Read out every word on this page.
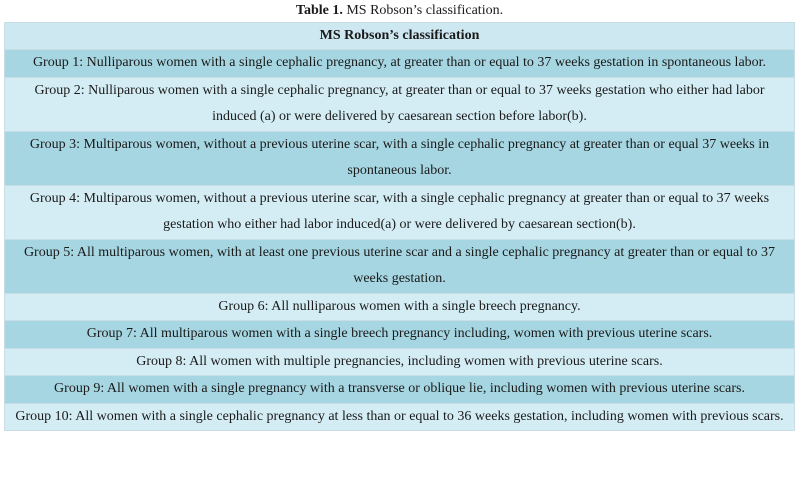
Table 1. MS Robson’s classification.
MS Robson’s classification
Group 1: Nulliparous women with a single cephalic pregnancy, at greater than or equal to 37 weeks gestation in spontaneous labor.
Group 2: Nulliparous women with a single cephalic pregnancy, at greater than or equal to 37 weeks gestation who either had labor induced (a) or were delivered by caesarean section before labor(b).
Group 3: Multiparous women, without a previous uterine scar, with a single cephalic pregnancy at greater than or equal 37 weeks in spontaneous labor.
Group 4: Multiparous women, without a previous uterine scar, with a single cephalic pregnancy at greater than or equal to 37 weeks gestation who either had labor induced(a) or were delivered by caesarean section(b).
Group 5: All multiparous women, with at least one previous uterine scar and a single cephalic pregnancy at greater than or equal to 37 weeks gestation.
Group 6: All nulliparous women with a single breech pregnancy.
Group 7: All multiparous women with a single breech pregnancy including, women with previous uterine scars.
Group 8: All women with multiple pregnancies, including women with previous uterine scars.
Group 9: All women with a single pregnancy with a transverse or oblique lie, including women with previous uterine scars.
Group 10: All women with a single cephalic pregnancy at less than or equal to 36 weeks gestation, including women with previous scars.
